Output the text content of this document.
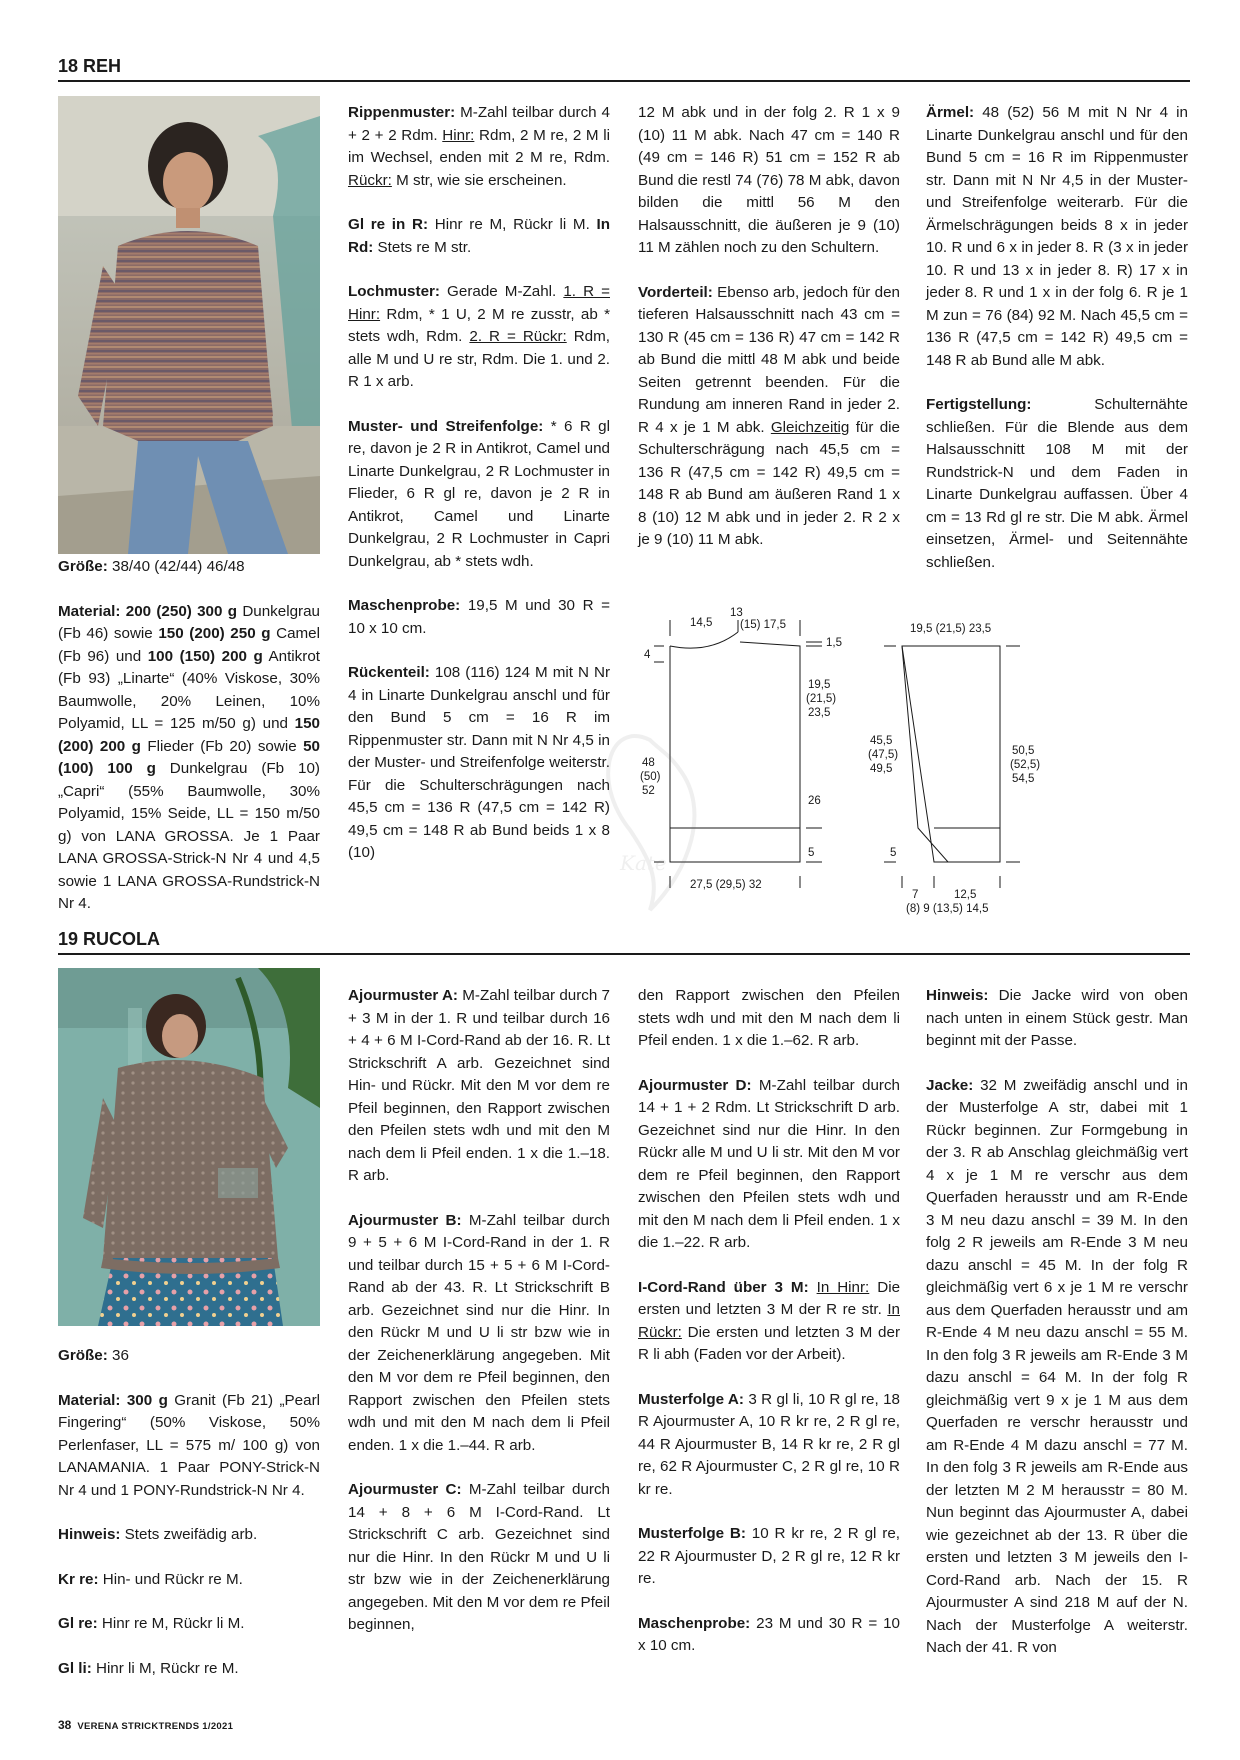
18 REH

Größe: 38/40 (42/44) 46/48

Material: 200 (250) 300 g Dunkelgrau (Fb 46) sowie 150 (200) 250 g Camel (Fb 96) und 100 (150) 200 g Antikrot (Fb 93) „Linarte“ (40% Viskose, 30% Baumwolle, 20% Leinen, 10% Polyamid, LL = 125 m/50 g) und 150 (200) 200 g Flieder (Fb 20) sowie 50 (100) 100 g Dunkelgrau (Fb 10) „Capri“ (55% Baumwolle, 30% Polyamid, 15% Seide, LL = 150 m/50 g) von LANA GROSSA. Je 1 Paar LANA GROSSA-Strick-N Nr 4 und 4,5 sowie 1 LANA GROSSA-Rundstrick-N Nr 4.

Rippenmuster: M-Zahl teilbar durch 4 + 2 + 2 Rdm. Hinr: Rdm, 2 M re, 2 M li im Wechsel, enden mit 2 M re, Rdm. Rückr: M str, wie sie erscheinen.

Gl re in R: Hinr re M, Rückr li M. In Rd: Stets re M str.

Lochmuster: Gerade M-Zahl. 1. R = Hinr: Rdm, * 1 U, 2 M re zusstr, ab * stets wdh, Rdm. 2. R = Rückr: Rdm, alle M und U re str, Rdm. Die 1. und 2. R 1 x arb.

Muster- und Streifenfolge: * 6 R gl re, davon je 2 R in Antikrot, Camel und Linarte Dunkelgrau, 2 R Lochmuster in Flieder, 6 R gl re, davon je 2 R in Antikrot, Camel und Linarte Dunkelgrau, 2 R Lochmuster in Capri Dunkelgrau, ab * stets wdh.

Maschenprobe: 19,5 M und 30 R = 10 x 10 cm.

Rückenteil: 108 (116) 124 M mit N Nr 4 in Linarte Dunkelgrau anschl und für den Bund 5 cm = 16 R im Rippenmuster str. Dann mit N Nr 4,5 in der Muster- und Streifenfolge weiterstr. Für die Schulterschrägungen nach 45,5 cm = 136 R (47,5 cm = 142 R) 49,5 cm = 148 R ab Bund beids 1 x 8 (10)

12 M abk und in der folg 2. R 1 x 9 (10) 11 M abk. Nach 47 cm = 140 R (49 cm = 146 R) 51 cm = 152 R ab Bund die restl 74 (76) 78 M abk, davon bilden die mittl 56 M den Halsausschnitt, die äußeren je 9 (10) 11 M zählen noch zu den Schultern.

Vorderteil: Ebenso arb, jedoch für den tieferen Halsausschnitt nach 43 cm = 130 R (45 cm = 136 R) 47 cm = 142 R ab Bund die mittl 48 M abk und beide Seiten getrennt beenden. Für die Rundung am inneren Rand in jeder 2. R 4 x je 1 M abk. Gleichzeitig für die Schulterschrägung nach 45,5 cm = 136 R (47,5 cm = 142 R) 49,5 cm = 148 R ab Bund am äußeren Rand 1 x 8 (10) 12 M abk und in jeder 2. R 2 x je 9 (10) 11 M abk.

Ärmel: 48 (52) 56 M mit N Nr 4 in Linarte Dunkelgrau anschl und für den Bund 5 cm = 16 R im Rippenmuster str. Dann mit N Nr 4,5 in der Muster- und Streifenfolge weiterarb. Für die Ärmelschrägungen beids 8 x in jeder 10. R und 6 x in jeder 8. R (3 x in jeder 10. R und 13 x in jeder 8. R) 17 x in jeder 8. R und 1 x in der folg 6. R je 1 M zun = 76 (84) 92 M. Nach 45,5 cm = 136 R (47,5 cm = 142 R) 49,5 cm = 148 R ab Bund alle M abk.

Fertigstellung: Schulternähte schließen. Für die Blende aus dem Halsausschnitt 108 M mit der Rundstrick-N und dem Faden in Linarte Dunkelgrau auffassen. Über 4 cm = 13 Rd gl re str. Die M abk. Ärmel einsetzen, Ärmel- und Seitennähte schließen.

14,5
13
(15) 17,5
4
1,5
19,5
(21,5)
23,5
48
(50)
52
26
5
27,5 (29,5) 32
19,5 (21,5) 23,5
45,5
(47,5)
49,5
50,5
(52,5)
54,5
5
7	12,5
(8) 9 (13,5) 14,5
Kate
19 RUCOLA

Größe: 36

Material: 300 g Granit (Fb 21) „Pearl Fingering“ (50% Viskose, 50% Perlenfaser, LL = 575 m/ 100 g) von LANAMANIA. 1 Paar PONY-Strick-N Nr 4 und 1 PONY-Rundstrick-N Nr 4.

Hinweis: Stets zweifädig arb.

Kr re: Hin- und Rückr re M.

Gl re: Hinr re M, Rückr li M.

Gl li: Hinr li M, Rückr re M.

Ajourmuster A: M-Zahl teilbar durch 7 + 3 M in der 1. R und teilbar durch 16 + 4 + 6 M I-Cord-Rand ab der 16. R. Lt Strickschrift A arb. Gezeichnet sind Hin- und Rückr. Mit den M vor dem re Pfeil beginnen, den Rapport zwischen den Pfeilen stets wdh und mit den M nach dem li Pfeil enden. 1 x die 1.–18. R arb.

Ajourmuster B: M-Zahl teilbar durch 9 + 5 + 6 M I-Cord-Rand in der 1. R und teilbar durch 15 + 5 + 6 M I-Cord-Rand ab der 43. R. Lt Strickschrift B arb. Gezeichnet sind nur die Hinr. In den Rückr M und U li str bzw wie in der Zeichenerklärung angegeben. Mit den M vor dem re Pfeil beginnen, den Rapport zwischen den Pfeilen stets wdh und mit den M nach dem li Pfeil enden. 1 x die 1.–44. R arb.

Ajourmuster C: M-Zahl teilbar durch 14 + 8 + 6 M I-Cord-Rand. Lt Strickschrift C arb. Gezeichnet sind nur die Hinr. In den Rückr M und U li str bzw wie in der Zeichenerklärung angegeben. Mit den M vor dem re Pfeil beginnen,

den Rapport zwischen den Pfeilen stets wdh und mit den M nach dem li Pfeil enden. 1 x die 1.–62. R arb.

Ajourmuster D: M-Zahl teilbar durch 14 + 1 + 2 Rdm. Lt Strickschrift D arb. Gezeichnet sind nur die Hinr. In den Rückr alle M und U li str. Mit den M vor dem re Pfeil beginnen, den Rapport zwischen den Pfeilen stets wdh und mit den M nach dem li Pfeil enden. 1 x die 1.–22. R arb.

I-Cord-Rand über 3 M: In Hinr: Die ersten und letzten 3 M der R re str. In Rückr: Die ersten und letzten 3 M der R li abh (Faden vor der Arbeit).

Musterfolge A: 3 R gl li, 10 R gl re, 18 R Ajourmuster A, 10 R kr re, 2 R gl re, 44 R Ajourmuster B, 14 R kr re, 2 R gl re, 62 R Ajourmuster C, 2 R gl re, 10 R kr re.

Musterfolge B: 10 R kr re, 2 R gl re, 22 R Ajourmuster D, 2 R gl re, 12 R kr re.

Maschenprobe: 23 M und 30 R = 10 x 10 cm.

Hinweis: Die Jacke wird von oben nach unten in einem Stück gestr. Man beginnt mit der Passe.

Jacke: 32 M zweifädig anschl und in der Musterfolge A str, dabei mit 1 Rückr beginnen. Zur Formgebung in der 3. R ab Anschlag gleichmäßig vert 4 x je 1 M re verschr aus dem Querfaden herausstr und am R-Ende 3 M neu dazu anschl = 39 M. In den folg 2 R jeweils am R-Ende 3 M neu dazu anschl = 45 M. In der folg R gleichmäßig vert 6 x je 1 M re verschr aus dem Querfaden herausstr und am R-Ende 4 M neu dazu anschl = 55 M. In den folg 3 R jeweils am R-Ende 3 M dazu anschl = 64 M. In der folg R gleichmäßig vert 9 x je 1 M aus dem Querfaden re verschr herausstr und am R-Ende 4 M dazu anschl = 77 M. In den folg 3 R jeweils am R-Ende aus der letzten M 2 M herausstr = 80 M. Nun beginnt das Ajourmuster A, dabei wie gezeichnet ab der 13. R über die ersten und letzten 3 M jeweils den I-Cord-Rand arb. Nach der 15. R Ajourmuster A sind 218 M auf der N. Nach der Musterfolge A weiterstr. Nach der 41. R von

38 VERENA STRICKTRENDS 1/2021
